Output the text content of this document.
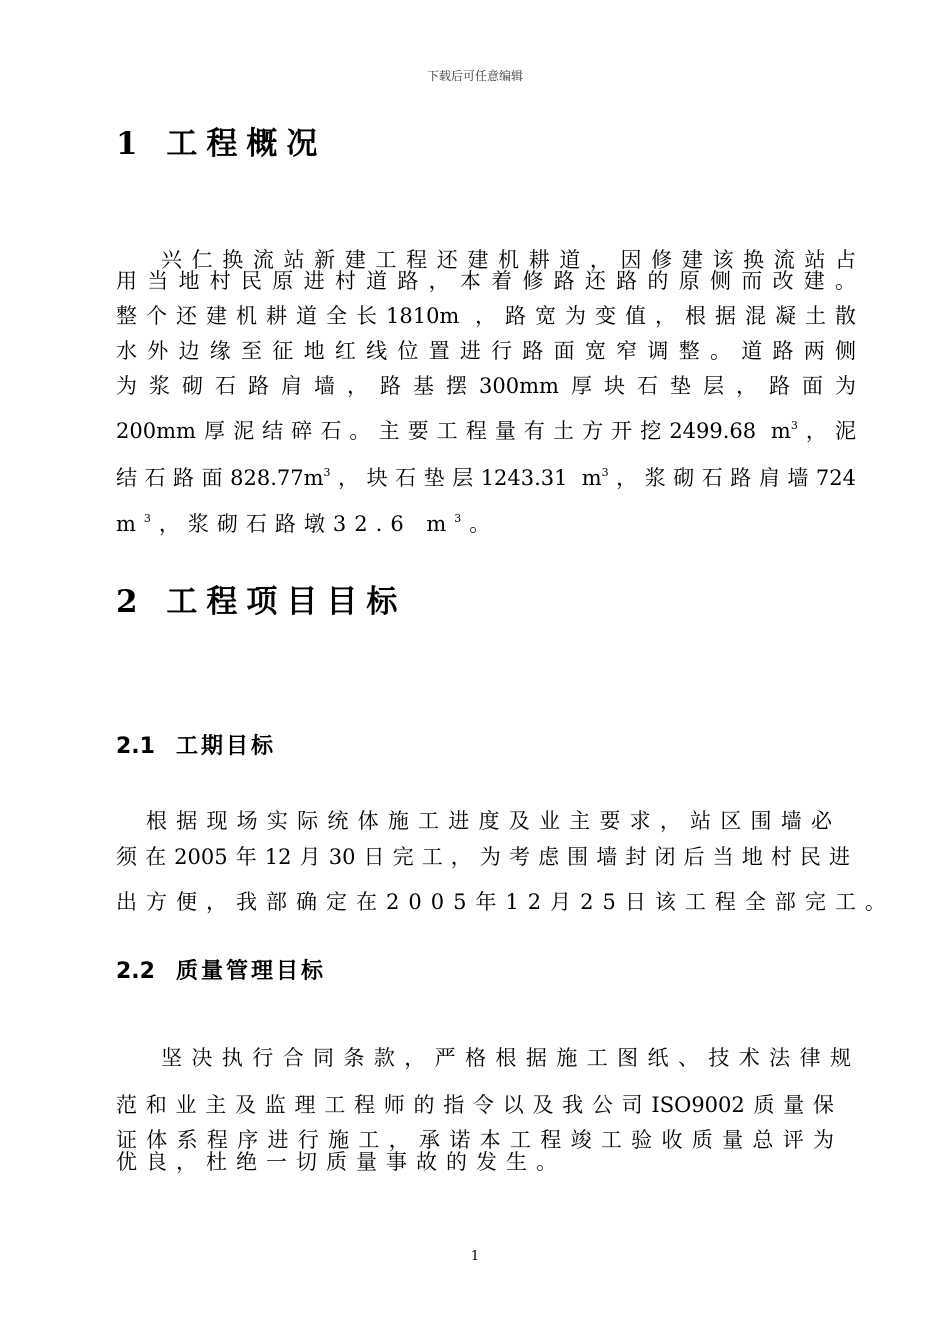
下载后可任意编辑
1 工程概况
兴仁换流站新建工程还建机耕道，因修建该换流站占
用当地村民原进村道路，本着修路还路的原侧而改建。
整个还建机耕道全长1810m ，路宽为变值，根据混凝土散
水外边缘至征地红线位置进行路面宽窄调整。道路两侧
为浆砌石路肩墙，路基摆300mm厚块石垫层，路面为
200mm厚泥结碎石。主要工程量有土方开挖2499.68 $m^3$，泥
结石路面$828.77m^3$，块石垫层1243.31 $m^3$，浆砌石路肩墙724
$m^3$，浆砌石路墩32.6 $m^3$。
2 工程项目目标
2.1 工期目标
根据现场实际统体施工进度及业主要求，站区围墙必
须在2005年12月30日完工，为考虑围墙封闭后当地村民进
出方便，我部确定在2005年12月25日该工程全部完工。
2.2 质量管理目标
坚决执行合同条款，严格根据施工图纸、技术法律规
范和业主及监理工程师的指令以及我公司ISO9002质量保
证体系程序进行施工，承诺本工程竣工验收质量总评为
优良，杜绝一切质量事故的发生。
1
